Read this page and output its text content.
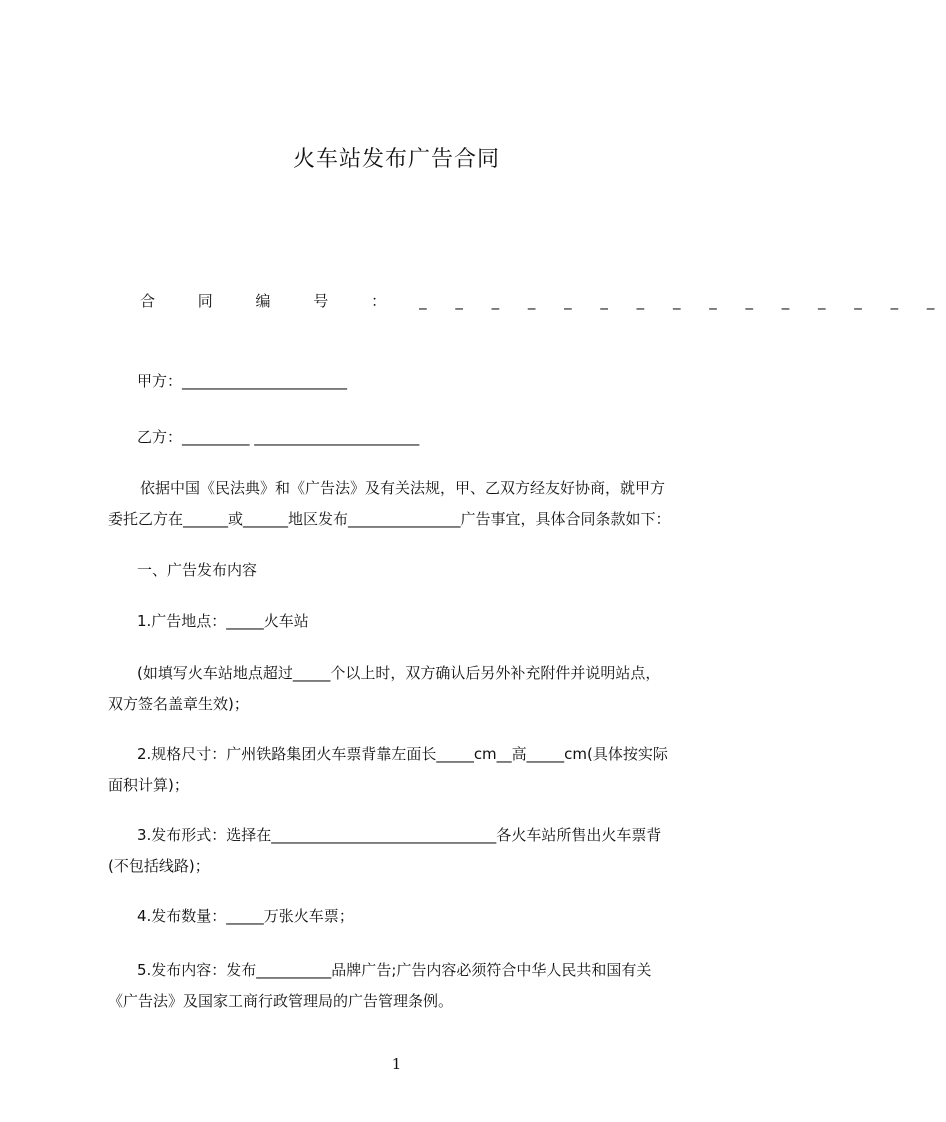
火车站发布广告合同
合 同 编 号 ： _ _ _ _ _ _ _ _ _ _ _ _ _ _ _
甲方：______________________
乙方：_________ ______________________
依据中国《民法典》和《广告法》及有关法规，甲、乙双方经友好协商，就甲方
委托乙方在______或______地区发布_______________广告事宜，具体合同条款如下：
一、广告发布内容
1.广告地点：_____火车站
(如填写火车站地点超过_____个以上时，双方确认后另外补充附件并说明站点，
双方签名盖章生效)；
2.规格尺寸：广州铁路集团火车票背靠左面长_____cm__高_____cm(具体按实际
面积计算)；
3.发布形式：选择在______________________________各火车站所售出火车票背
(不包括线路)；
4.发布数量：_____万张火车票；
5.发布内容：发布__________品牌广告;广告内容必须符合中华人民共和国有关
《广告法》及国家工商行政管理局的广告管理条例。
1
